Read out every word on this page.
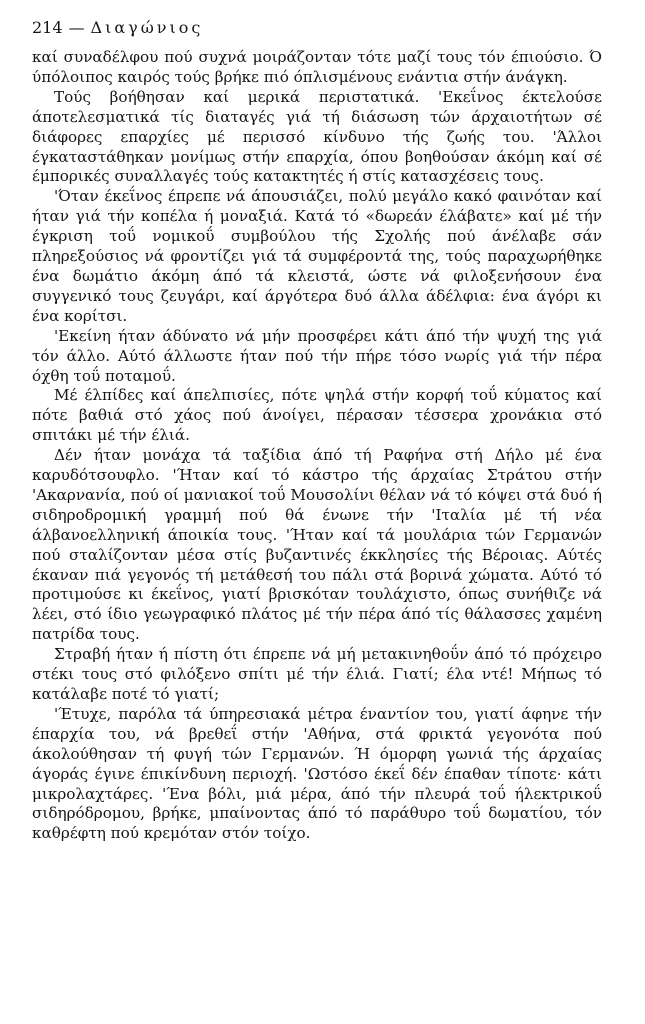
214 — Διαγώνιος

καί συναδέλφου πού συχνά μοιράζονταν τότε μαζί τους τόν έπιούσιο. Ό ύπόλοιπος καιρός τούς βρήκε πιό όπλισμένους ενάντια στήν άνάγκη.

Τούς βοήθησαν καί μερικά περιστατικά. 'Εκεΐνος έκτελούσε άποτελεσματικά τίς διαταγές γιά τή διάσωση τών άρχαιοτήτων σέ διάφορες επαρχίες μέ περισσό κίνδυνο τής ζωής του. 'Άλλοι έγκαταστάθηκαν μονίμως στήν επαρχία, όπου βοηθούσαν άκόμη καί σέ έμπορικές συναλλαγές τούς κατακτητές ή στίς κατασχέσεις τους.

'Όταν έκεΐνος έπρεπε νά άπουσιάζει, πολύ μεγάλο κακό φαινόταν καί ήταν γιά τήν κοπέλα ή μοναξιά. Κατά τό «δωρεάν έλάβατε» καί μέ τήν έγκριση τοΰ νομικοΰ συμβούλου τής Σχολής πού άνέλαβε σάν πληρεξούσιος νά φροντίζει γιά τά συμφέροντά της, τούς παραχωρήθηκε ένα δωμάτιο άκόμη άπό τά κλειστά, ώστε νά φιλοξενήσουν ένα συγγενικό τους ζευγάρι, καί άργότερα δυό άλλα άδέλφια: ένα άγόρι κι ένα κορίτσι.

'Εκείνη ήταν άδύνατο νά μήν προσφέρει κάτι άπό τήν ψυχή της γιά τόν άλλο. Αύτό άλλωστε ήταν πού τήν πήρε τόσο νωρίς γιά τήν πέρα όχθη τοΰ ποταμοΰ.

Μέ έλπίδες καί άπελπισίες, πότε ψηλά στήν κορφή τοΰ κύματος καί πότε βαθιά στό χάος πού άνοίγει, πέρασαν τέσσερα χρονάκια στό σπιτάκι μέ τήν έλιά.

Δέν ήταν μονάχα τά ταξίδια άπό τή Ραφήνα στή Δήλο μέ ένα καρυδότσουφλο. 'Ήταν καί τό κάστρο τής άρχαίας Στράτου στήν 'Ακαρνανία, πού οί μανιακοί τοΰ Μουσολίνι θέλαν νά τό κόψει στά δυό ή σιδηροδρομική γραμμή πού θά ένωνε τήν 'Ιταλία μέ τή νέα άλβανοελληνική άποικία τους. 'Ήταν καί τά μουλάρια τών Γερμανών πού σταλίζονταν μέσα στίς βυζαντινές έκκλησίες τής Βέροιας. Αύτές έκαναν πιά γεγονός τή μετάθεσή του πάλι στά βορινά χώματα. Αύτό τό προτιμούσε κι έκεΐνος, γιατί βρισκόταν τουλάχιστο, όπως συνήθιζε νά λέει, στό ίδιο γεωγραφικό πλάτος μέ τήν πέρα άπό τίς θάλασσες χαμένη πατρίδα τους.

Στραβή ήταν ή πίστη ότι έπρεπε νά μή μετακινηθοΰν άπό τό πρόχειρο στέκι τους στό φιλόξενο σπίτι μέ τήν έλιά. Γιατί; έλα ντέ! Μήπως τό κατάλαβε ποτέ τό γιατί;

'Έτυχε, παρόλα τά ύπηρεσιακά μέτρα έναντίον του, γιατί άφηνε τήν έπαρχία του, νά βρεθεΐ στήν 'Αθήνα, στά φρικτά γεγονότα πού άκολούθησαν τή φυγή τών Γερμανών. Ή όμορφη γωνιά τής άρχαίας άγοράς έγινε έπικίνδυνη περιοχή. 'Ωστόσο έκεΐ δέν έπαθαν τίποτε· κάτι μικρολαχτάρες. 'Ένα βόλι, μιά μέρα, άπό τήν πλευρά τοΰ ήλεκτρικοΰ σιδηρόδρομου, βρήκε, μπαίνοντας άπό τό παράθυρο τοΰ δωματίου, τόν καθρέφτη πού κρεμόταν στόν τοίχο.
